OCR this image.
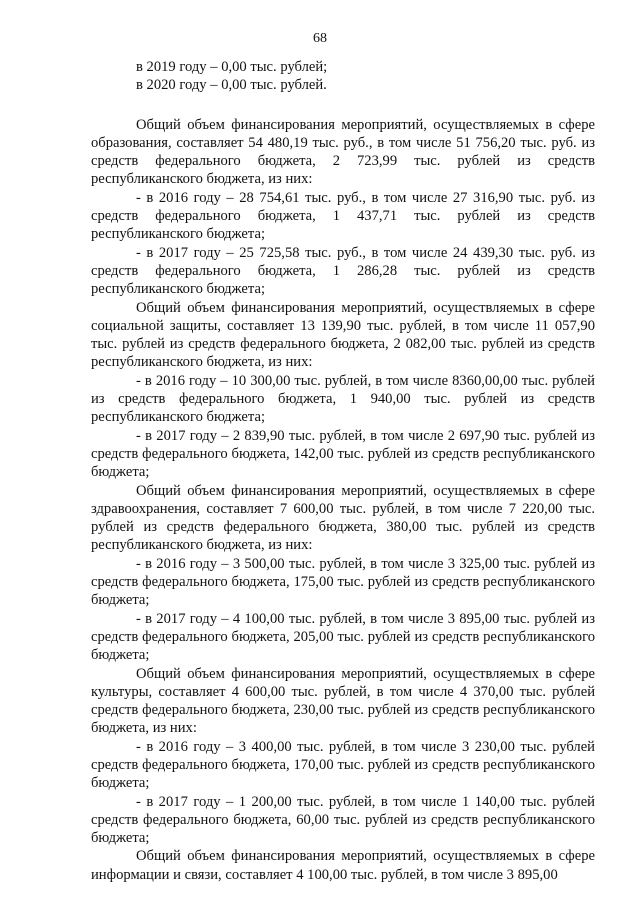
68

в 2019 году – 0,00 тыс. рублей;

в 2020 году – 0,00 тыс. рублей.

Общий объем финансирования мероприятий, осуществляемых в сфере образования, составляет 54 480,19 тыс. руб., в том числе 51 756,20 тыс. руб. из средств федерального бюджета, 2 723,99 тыс. рублей из средств республиканского бюджета, из них:

- в 2016 году – 28 754,61 тыс. руб., в том числе 27 316,90 тыс. руб. из средств федерального бюджета, 1 437,71 тыс. рублей из средств республиканского бюджета;

- в 2017 году – 25 725,58 тыс. руб., в том числе 24 439,30 тыс. руб. из средств федерального бюджета, 1 286,28 тыс. рублей из средств республиканского бюджета;

Общий объем финансирования мероприятий, осуществляемых в сфере социальной защиты, составляет 13 139,90 тыс. рублей, в том числе 11 057,90 тыс. рублей из средств федерального бюджета, 2 082,00 тыс. рублей из средств республиканского бюджета, из них:

- в 2016 году – 10 300,00 тыс. рублей, в том числе 8360,00,00 тыс. рублей из средств федерального бюджета, 1 940,00 тыс. рублей из средств республиканского бюджета;

- в 2017 году – 2 839,90 тыс. рублей, в том числе 2 697,90 тыс. рублей из средств федерального бюджета, 142,00 тыс. рублей из средств республиканского бюджета;

Общий объем финансирования мероприятий, осуществляемых в сфере здравоохранения, составляет 7 600,00 тыс. рублей, в том числе 7 220,00 тыс. рублей из средств федерального бюджета, 380,00 тыс. рублей из средств республиканского бюджета, из них:

- в 2016 году – 3 500,00 тыс. рублей, в том числе 3 325,00 тыс. рублей из средств федерального бюджета, 175,00 тыс. рублей из средств республиканского бюджета;

- в 2017 году – 4 100,00 тыс. рублей, в том числе 3 895,00 тыс. рублей из средств федерального бюджета, 205,00 тыс. рублей из средств республиканского бюджета;

Общий объем финансирования мероприятий, осуществляемых в сфере культуры, составляет 4 600,00 тыс. рублей, в том числе 4 370,00 тыс. рублей средств федерального бюджета, 230,00 тыс. рублей из средств республиканского бюджета, из них:

- в 2016 году – 3 400,00 тыс. рублей, в том числе 3 230,00 тыс. рублей средств федерального бюджета, 170,00 тыс. рублей из средств республиканского бюджета;

- в 2017 году – 1 200,00 тыс. рублей, в том числе 1 140,00 тыс. рублей средств федерального бюджета, 60,00 тыс. рублей из средств республиканского бюджета;

Общий объем финансирования мероприятий, осуществляемых в сфере информации и связи, составляет 4 100,00 тыс. рублей, в том числе 3 895,00
